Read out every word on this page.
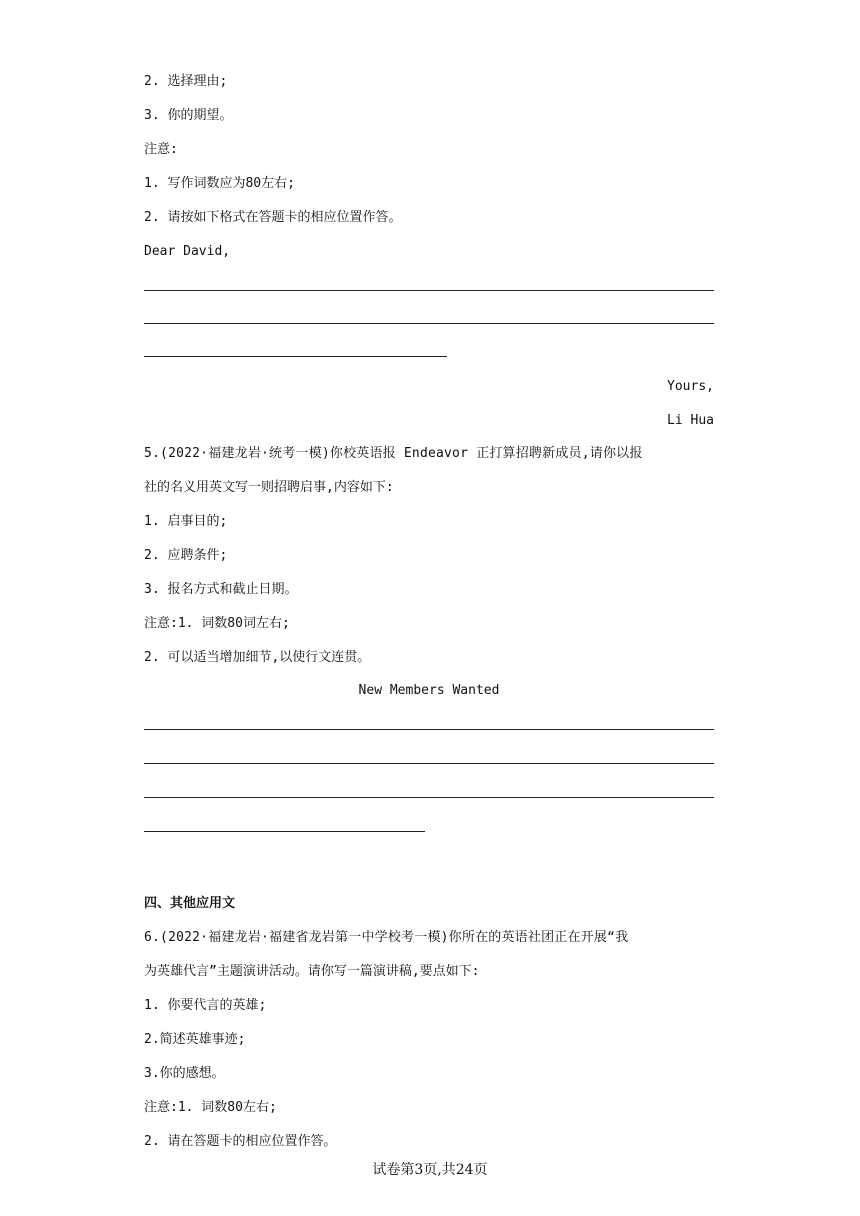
2. 选择理由;
3. 你的期望。
注意:
1. 写作词数应为80左右;
2. 请按如下格式在答题卡的相应位置作答。
Dear David,
Yours,
Li Hua
5.(2022·福建龙岩·统考一模)你校英语报 Endeavor 正打算招聘新成员,请你以报
社的名义用英文写一则招聘启事,内容如下:
1. 启事目的;
2. 应聘条件;
3. 报名方式和截止日期。
注意:1. 词数80词左右;
2. 可以适当增加细节,以使行文连贯。
New Members Wanted
四、其他应用文
6.(2022·福建龙岩·福建省龙岩第一中学校考一模)你所在的英语社团正在开展“我
为英雄代言”主题演讲活动。请你写一篇演讲稿,要点如下:
1. 你要代言的英雄;
2.简述英雄事迹;
3.你的感想。
注意:1. 词数80左右;
2. 请在答题卡的相应位置作答。
试卷第3页,共24页
